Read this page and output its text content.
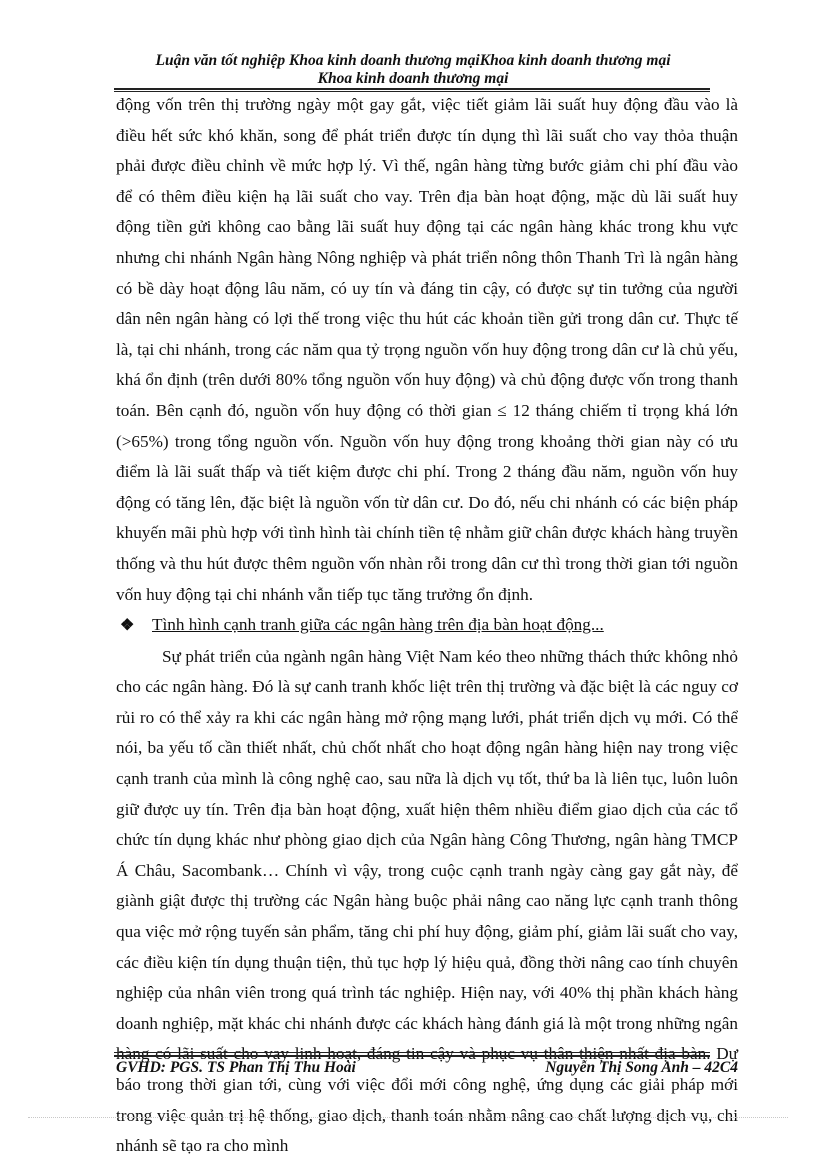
Luận văn tốt nghiệp Khoa kinh doanh thương mạiKhoa kinh doanh thương mại
Khoa kinh doanh thương mại

động vốn trên thị trường ngày một gay gắt, việc tiết giảm lãi suất huy động đầu vào là điều hết sức khó khăn, song để phát triển được tín dụng thì lãi suất cho vay thỏa thuận phải được điều chỉnh về mức hợp lý. Vì thế, ngân hàng từng bước giảm chi phí đầu vào để có thêm điều kiện hạ lãi suất cho vay. Trên địa bàn hoạt động, mặc dù lãi suất huy động tiền gửi không cao bằng lãi suất huy động tại các ngân hàng khác trong khu vực nhưng chi nhánh Ngân hàng Nông nghiệp và phát triển nông thôn Thanh Trì là ngân hàng có bề dày hoạt động lâu năm, có uy tín và đáng tin cậy, có được sự tin tưởng của người dân nên ngân hàng có lợi thế trong việc thu hút các khoản tiền gửi trong dân cư. Thực tế là, tại chi nhánh, trong các năm qua tỷ trọng nguồn vốn huy động trong dân cư là chủ yếu, khá ổn định (trên dưới 80% tổng nguồn vốn huy động) và chủ động được vốn trong thanh toán. Bên cạnh đó, nguồn vốn huy động có thời gian ≤ 12 tháng chiếm tỉ trọng khá lớn (>65%) trong tổng nguồn vốn. Nguồn vốn huy động trong khoảng thời gian này có ưu điểm là lãi suất thấp và tiết kiệm được chi phí. Trong 2 tháng đầu năm, nguồn vốn huy động có tăng lên, đặc biệt là nguồn vốn từ dân cư. Do đó, nếu chi nhánh có các biện pháp khuyến mãi phù hợp với tình hình tài chính tiền tệ nhằm giữ chân được khách hàng truyền thống và thu hút được thêm nguồn vốn nhàn rỗi trong dân cư thì trong thời gian tới nguồn vốn huy động tại chi nhánh vẫn tiếp tục tăng trưởng ổn định.

❖ Tình hình cạnh tranh giữa các ngân hàng trên địa bàn hoạt động...

Sự phát triển của ngành ngân hàng Việt Nam kéo theo những thách thức không nhỏ cho các ngân hàng. Đó là sự canh tranh khốc liệt trên thị trường và đặc biệt là các nguy cơ rủi ro có thể xảy ra khi các ngân hàng mở rộng mạng lưới, phát triển dịch vụ mới. Có thể nói, ba yếu tố cần thiết nhất, chủ chốt nhất cho hoạt động ngân hàng hiện nay trong việc cạnh tranh của mình là công nghệ cao, sau nữa là dịch vụ tốt, thứ ba là liên tục, luôn luôn giữ được uy tín. Trên địa bàn hoạt động, xuất hiện thêm nhiều điểm giao dịch của các tổ chức tín dụng khác như phòng giao dịch của Ngân hàng Công Thương, ngân hàng TMCP Á Châu, Sacombank… Chính vì vậy, trong cuộc cạnh tranh ngày càng gay gắt này, để giành giật được thị trường các Ngân hàng buộc phải nâng cao năng lực cạnh tranh thông qua việc mở rộng tuyến sản phẩm, tăng chi phí huy động, giảm phí, giảm lãi suất cho vay, các điều kiện tín dụng thuận tiện, thủ tục hợp lý hiệu quả, đồng thời nâng cao tính chuyên nghiệp của nhân viên trong quá trình tác nghiệp. Hiện nay, với 40% thị phần khách hàng doanh nghiệp, mặt khác chi nhánh được các khách hàng đánh giá là một trong những ngân hàng có lãi suất cho vay linh hoạt, đáng tin cậy và phục vụ thân thiện nhất địa bàn. Dự báo trong thời gian tới, cùng với việc đổi mới công nghệ, ứng dụng các giải pháp mới trong việc quản trị hệ thống, giao dịch, thanh toán nhằm nâng cao chất lượng dịch vụ, chi nhánh sẽ tạo ra cho mình

GVHD: PGS. TS Phan Thị Thu Hoài	Nguyễn Thị Song Anh – 42C4
